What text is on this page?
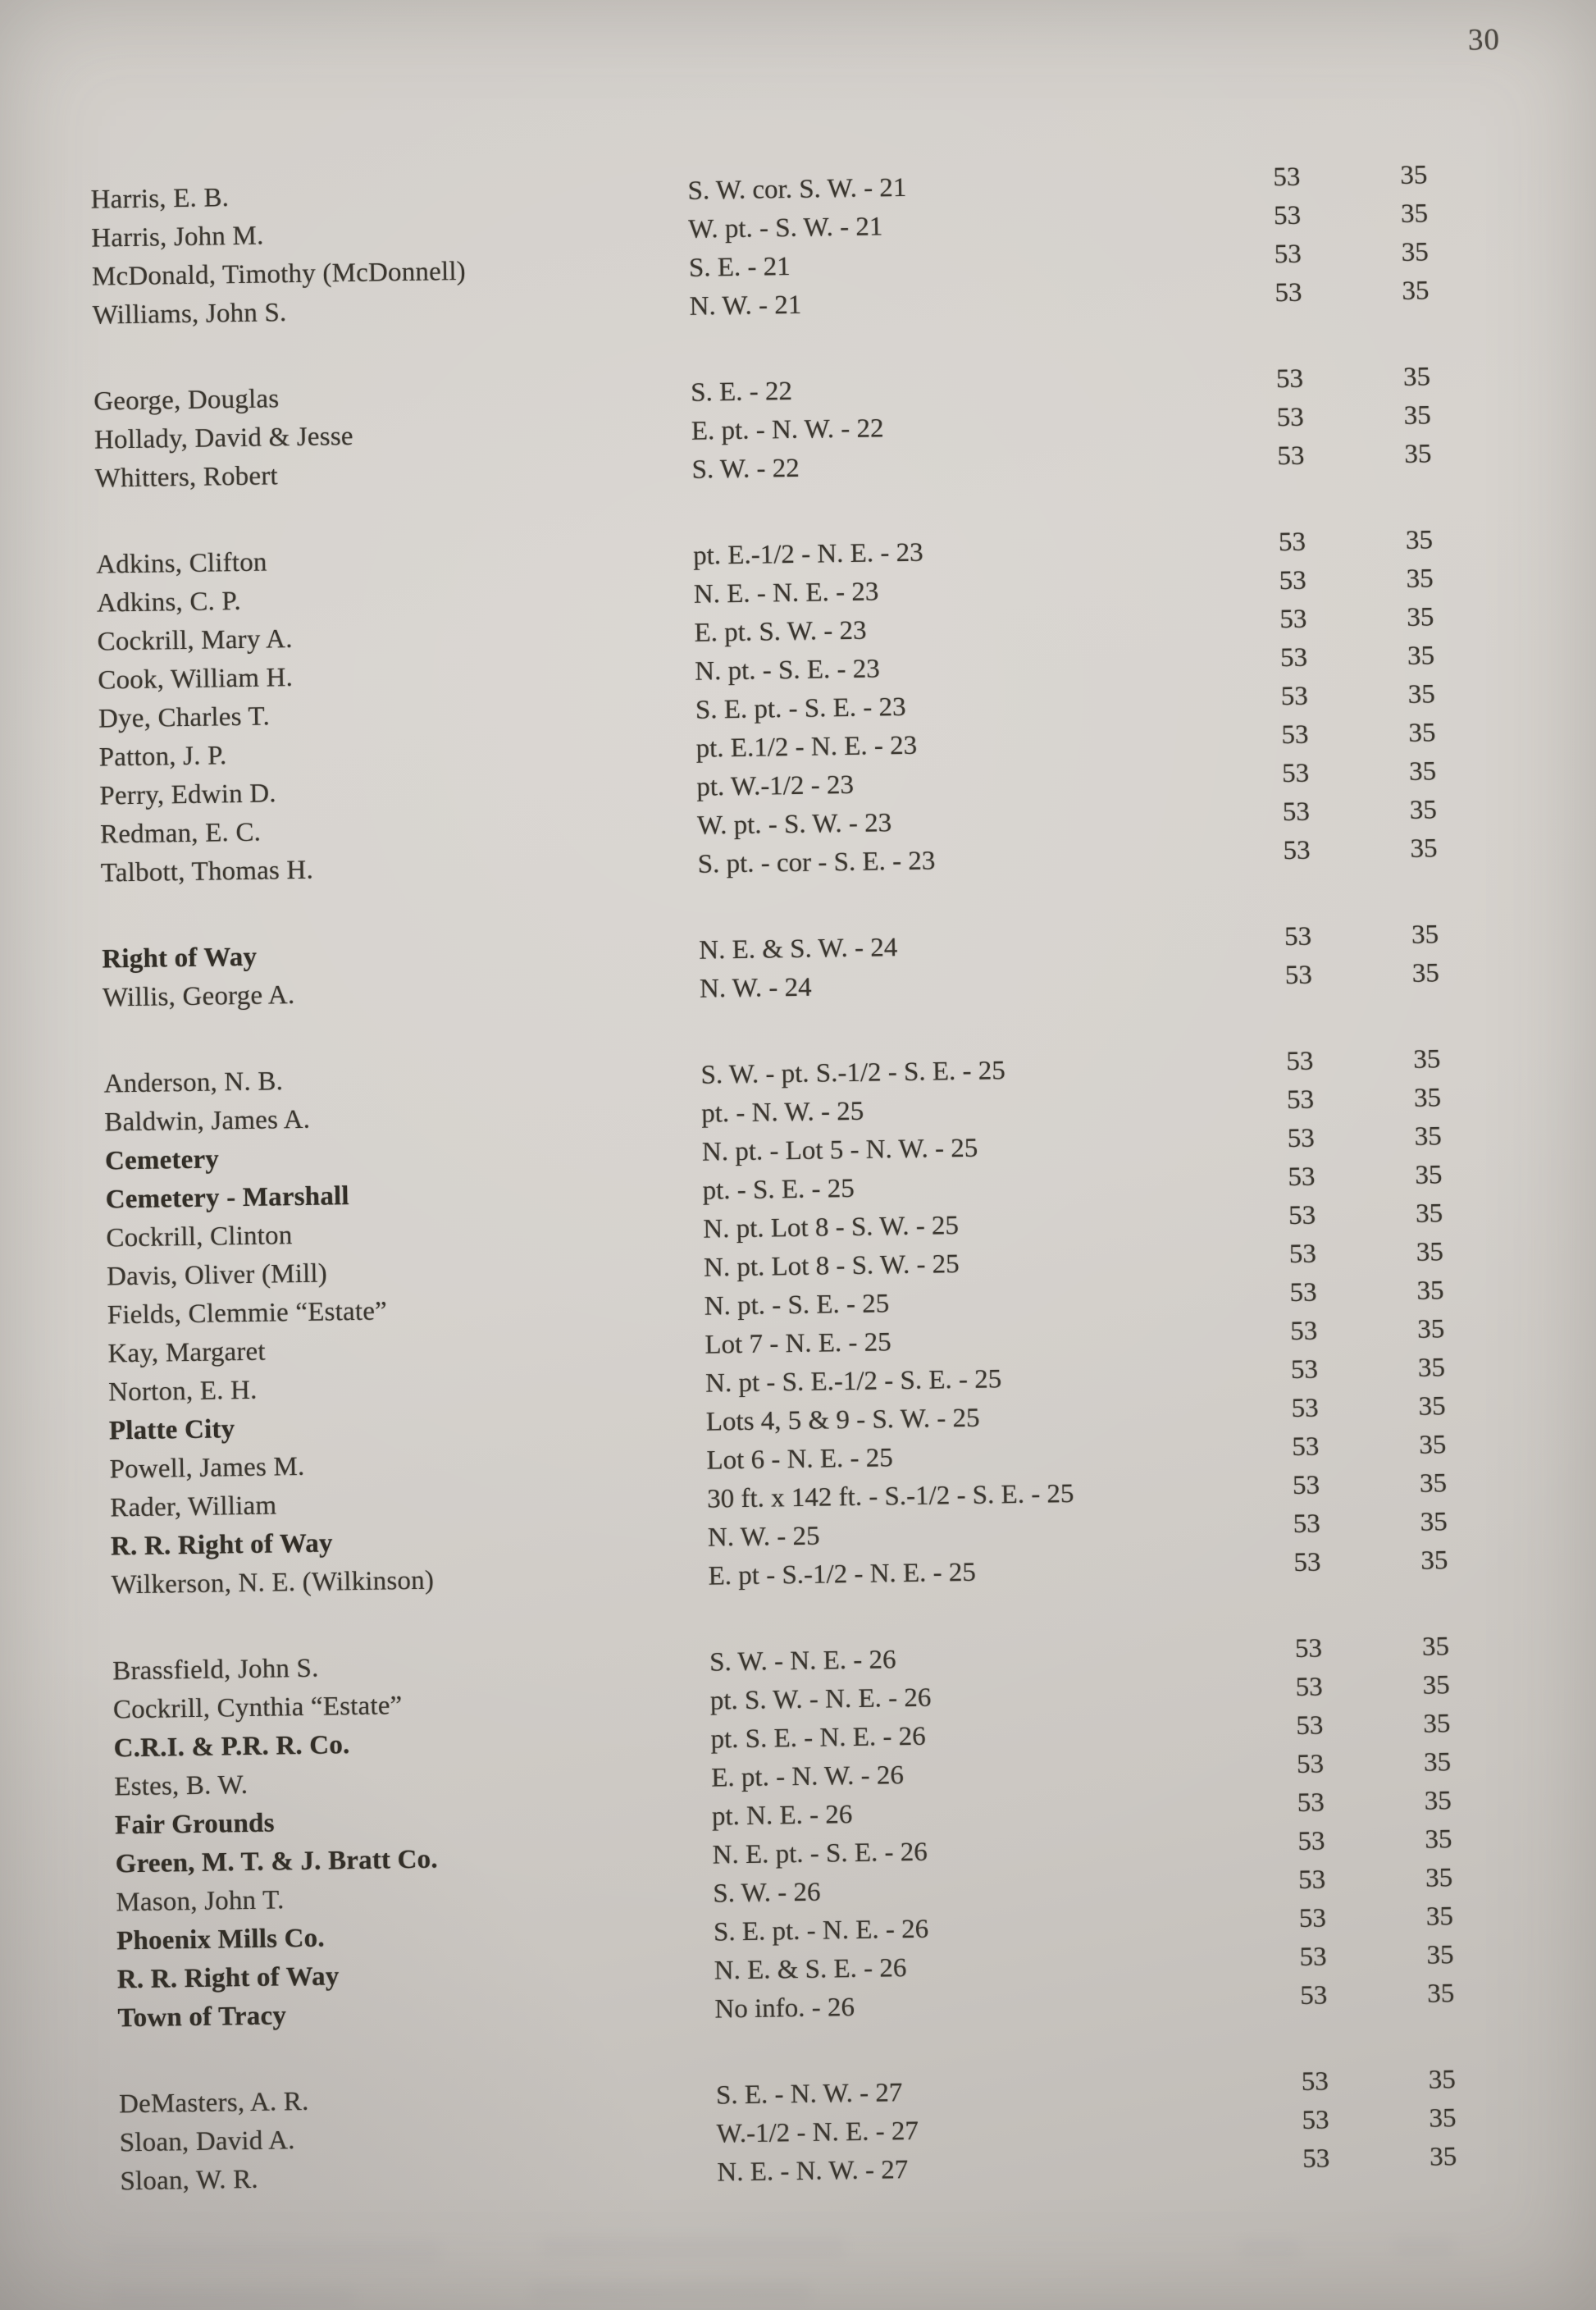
30
Harris, E. B.	S. W. cor. S. W. - 21	53	35
Harris, John M.	W. pt. - S. W. - 21	53	35
McDonald, Timothy (McDonnell)	S. E. - 21	53	35
Williams, John S.	N. W. - 21	53	35
George, Douglas	S. E. - 22	53	35
Hollady, David & Jesse	E. pt. - N. W. - 22	53	35
Whitters, Robert	S. W. - 22	53	35
Adkins, Clifton	pt. E.-1/2 - N. E. - 23	53	35
Adkins, C. P.	N. E. - N. E. - 23	53	35
Cockrill, Mary A.	E. pt. S. W. - 23	53	35
Cook, William H.	N. pt. - S. E. - 23	53	35
Dye, Charles T.	S. E. pt. - S. E. - 23	53	35
Patton, J. P.	pt. E.1/2 - N. E. - 23	53	35
Perry, Edwin D.	pt. W.-1/2 - 23	53	35
Redman, E. C.	W. pt. - S. W. - 23	53	35
Talbott, Thomas H.	S. pt. - cor - S. E. - 23	53	35
Right of Way	N. E. & S. W. - 24	53	35
Willis, George A.	N. W. - 24	53	35
Anderson, N. B.	S. W. - pt. S.-1/2 - S. E. - 25	53	35
Baldwin, James A.	pt. - N. W. - 25	53	35
Cemetery	N. pt. - Lot 5 - N. W. - 25	53	35
Cemetery - Marshall	pt. - S. E. - 25	53	35
Cockrill, Clinton	N. pt. Lot 8 - S. W. - 25	53	35
Davis, Oliver (Mill)	N. pt. Lot 8 - S. W. - 25	53	35
Fields, Clemmie “Estate”	N. pt. - S. E. - 25	53	35
Kay, Margaret	Lot 7 - N. E. - 25	53	35
Norton, E. H.	N. pt - S. E.-1/2 - S. E. - 25	53	35
Platte City	Lots 4, 5 & 9 - S. W. - 25	53	35
Powell, James M.	Lot 6 - N. E. - 25	53	35
Rader, William	30 ft. x 142 ft. - S.-1/2 - S. E. - 25	53	35
R. R. Right of Way	N. W. - 25	53	35
Wilkerson, N. E. (Wilkinson)	E. pt - S.-1/2 - N. E. - 25	53	35
Brassfield, John S.	S. W. - N. E. - 26	53	35
Cockrill, Cynthia “Estate”	pt. S. W. - N. E. - 26	53	35
C.R.I. & P.R. R. Co.	pt. S. E. - N. E. - 26	53	35
Estes, B. W.	E. pt. - N. W. - 26	53	35
Fair Grounds	pt. N. E. - 26	53	35
Green, M. T. & J. Bratt Co.	N. E. pt. - S. E. - 26	53	35
Mason, John T.	S. W. - 26	53	35
Phoenix Mills Co.	S. E. pt. - N. E. - 26	53	35
R. R. Right of Way	N. E. & S. E. - 26	53	35
Town of Tracy	No info. - 26	53	35
DeMasters, A. R.	S. E. - N. W. - 27	53	35
Sloan, David A.	W.-1/2 - N. E. - 27	53	35
Sloan, W. R.	N. E. - N. W. - 27	53	35
